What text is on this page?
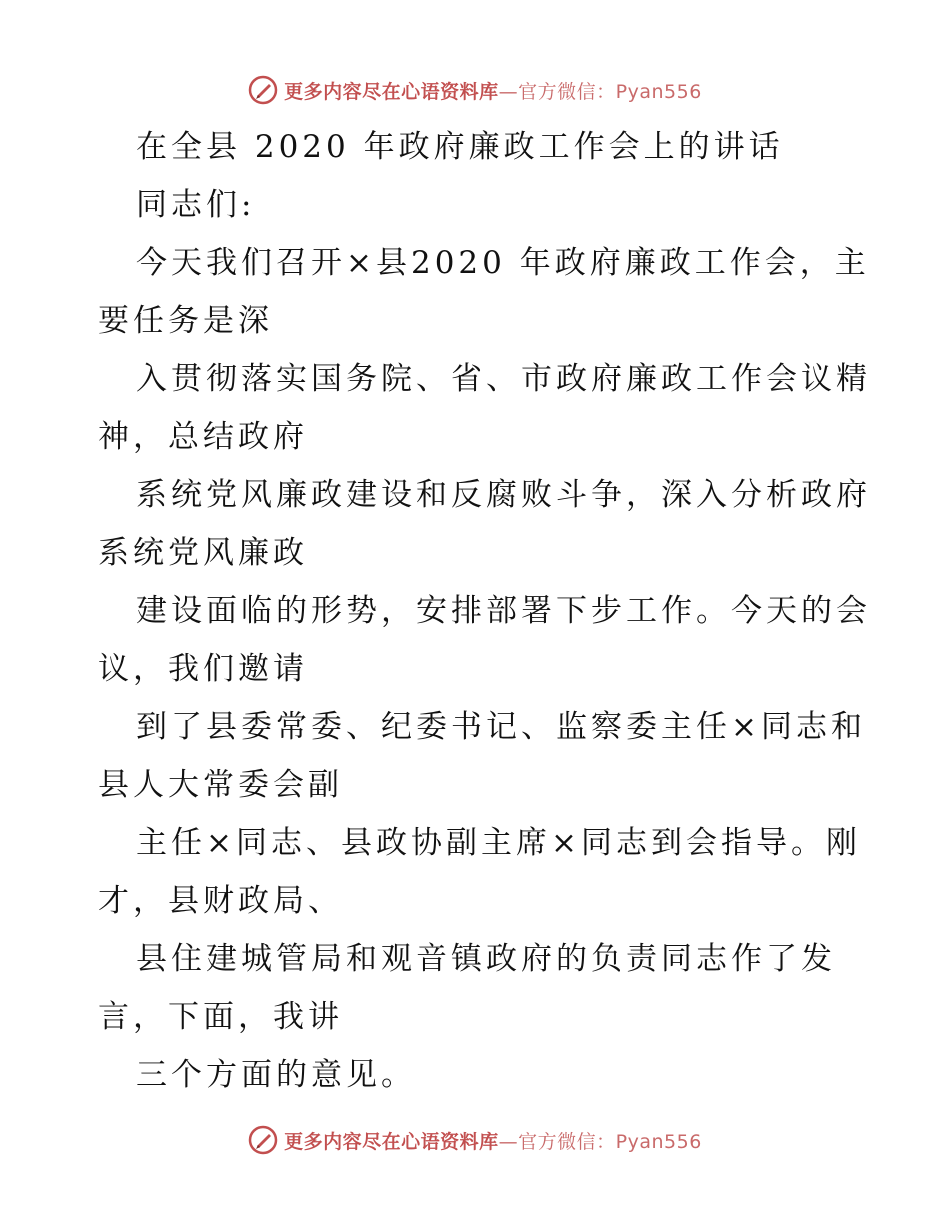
更多内容尽在心语资料库—官方微信：Pyan556
在全县 2020 年政府廉政工作会上的讲话
同志们:
今天我们召开×县2020 年政府廉政工作会，主
要任务是深
入贯彻落实国务院、省、市政府廉政工作会议精
神，总结政府
系统党风廉政建设和反腐败斗争，深入分析政府
系统党风廉政
建设面临的形势，安排部署下步工作。今天的会
议，我们邀请
到了县委常委、纪委书记、监察委主任×同志和
县人大常委会副
主任×同志、县政协副主席×同志到会指导。刚
才，县财政局、
县住建城管局和观音镇政府的负责同志作了发
言，下面，我讲
三个方面的意见。
更多内容尽在心语资料库—官方微信：Pyan556
